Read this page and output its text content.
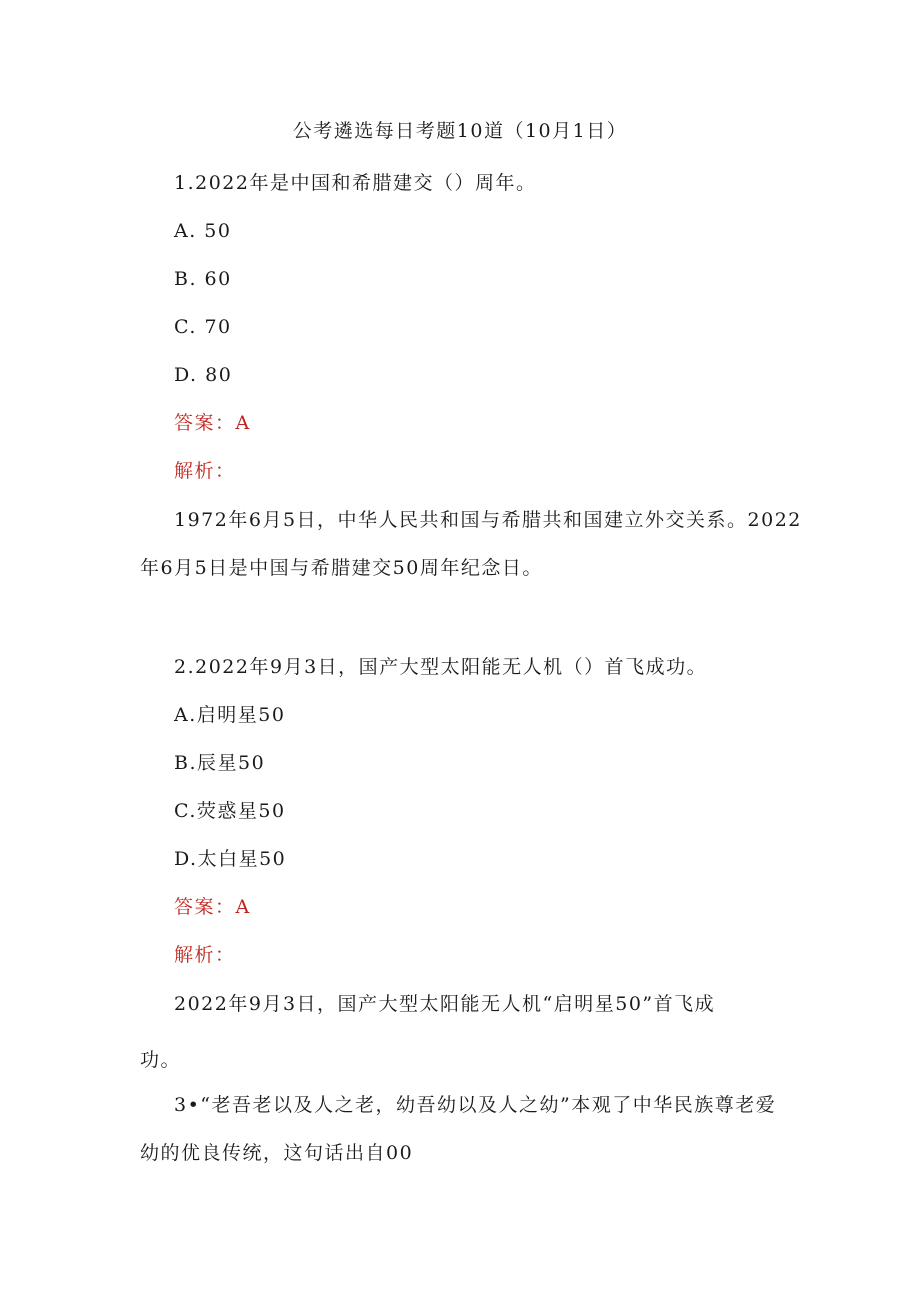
公考遴选每日考题10道（10月1日）
1.2022年是中国和希腊建交（）周年。
A. 50
B. 60
C. 70
D. 80
答案：A
解析：
1972年6月5日，中华人民共和国与希腊共和国建立外交关系。2022
年6月5日是中国与希腊建交50周年纪念日。
2.2022年9月3日，国产大型太阳能无人机（）首飞成功。
A.启明星50
B.辰星50
C.荧惑星50
D.太白星50
答案：A
解析：
2022年9月3日，国产大型太阳能无人机“启明星50”首飞成
功。
3•“老吾老以及人之老，幼吾幼以及人之幼”本观了中华民族尊老爱
幼的优良传统，这句话出自00
